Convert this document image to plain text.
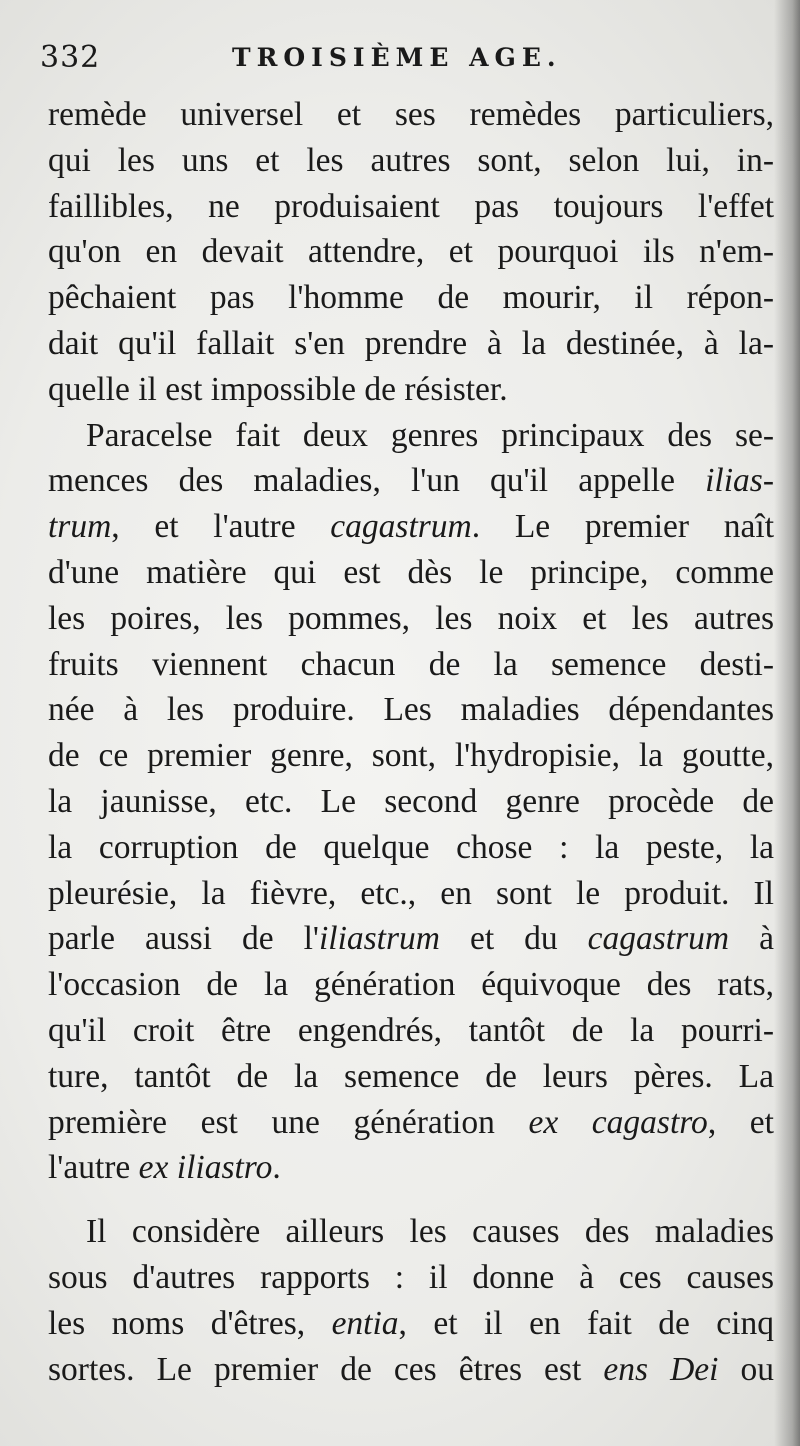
332	TROISIÈME AGE.
remède universel et ses remèdes particuliers,
qui les uns et les autres sont, selon lui, in-
faillibles, ne produisaient pas toujours l'effet
qu'on en devait attendre, et pourquoi ils n'em-
pêchaient pas l'homme de mourir, il répon-
dait qu'il fallait s'en prendre à la destinée, à la-
quelle il est impossible de résister.
Paracelse fait deux genres principaux des se-
mences des maladies, l'un qu'il appelle ilias-
trum, et l'autre cagastrum. Le premier naît
d'une matière qui est dès le principe, comme
les poires, les pommes, les noix et les autres
fruits viennent chacun de la semence desti-
née à les produire. Les maladies dépendantes
de ce premier genre, sont, l'hydropisie, la goutte,
la jaunisse, etc. Le second genre procède de
la corruption de quelque chose : la peste, la
pleurésie, la fièvre, etc., en sont le produit. Il
parle aussi de l'iliastrum et du cagastrum à
l'occasion de la génération équivoque des rats,
qu'il croit être engendrés, tantôt de la pourri-
ture, tantôt de la semence de leurs pères. La
première est une génération ex cagastro, et
l'autre ex iliastro.
Il considère ailleurs les causes des maladies
sous d'autres rapports : il donne à ces causes
les noms d'êtres, entia, et il en fait de cinq
sortes. Le premier de ces êtres est ens Dei ou
